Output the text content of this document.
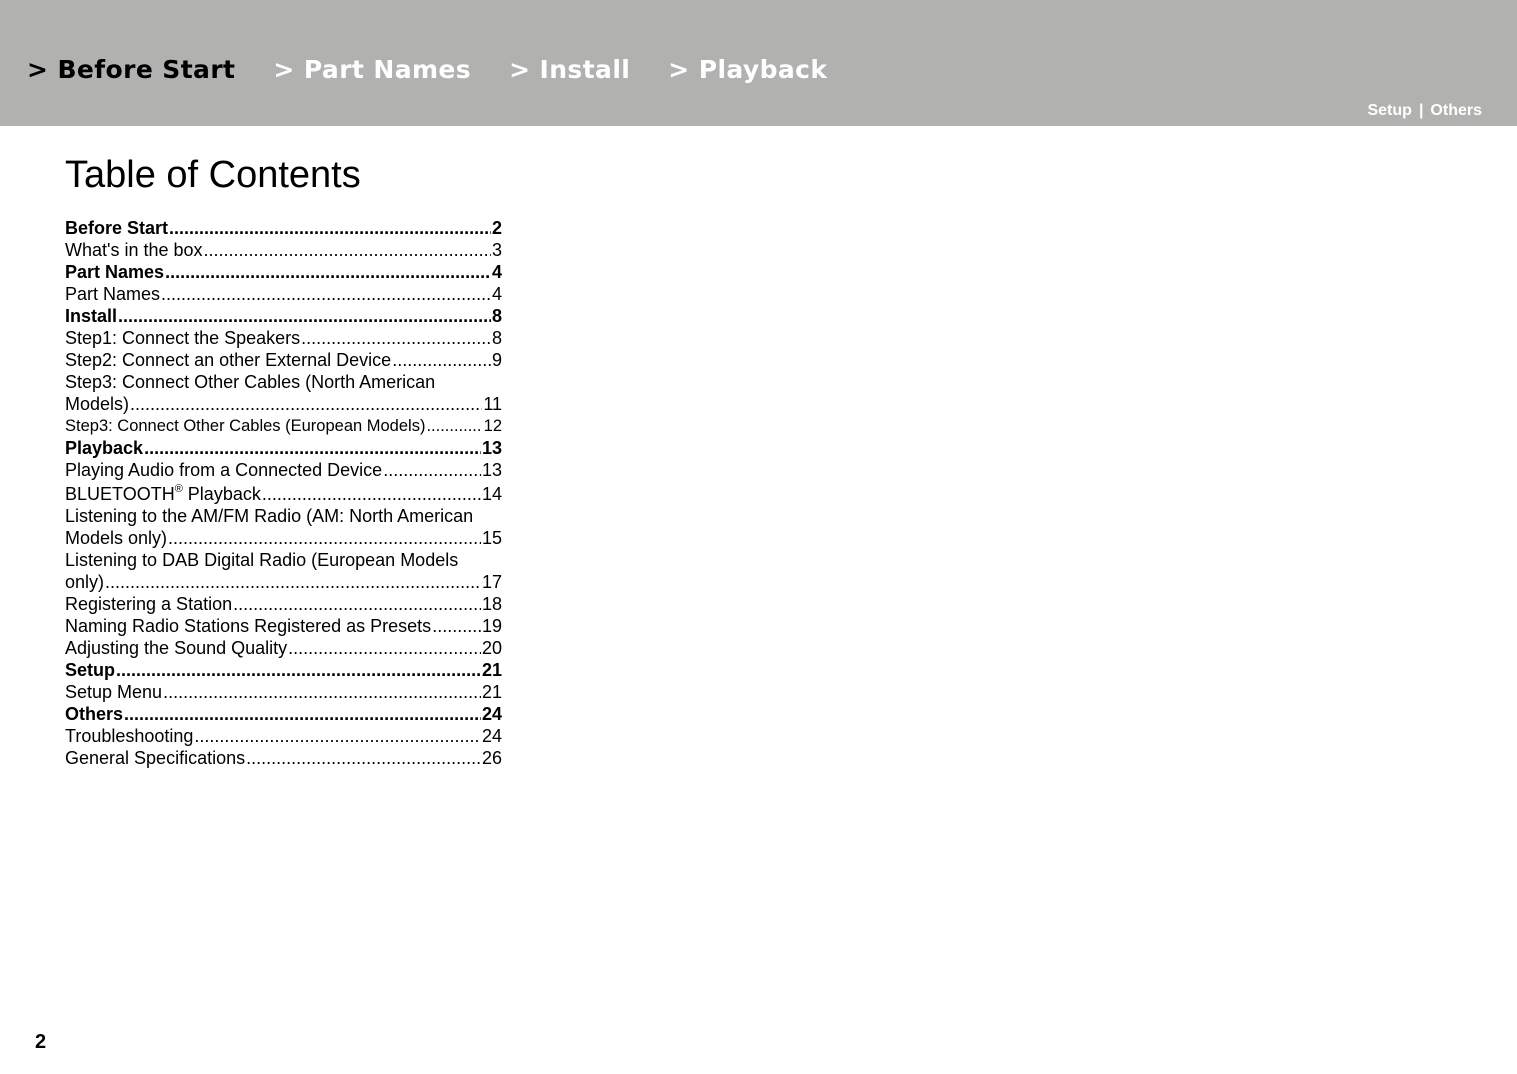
> Before Start > Part Names > Install > Playback
Setup | Others
Table of Contents
Before Start .....	2
What's in the box .....	3
Part Names .....	4
Part Names .....	4
Install .....	8
Step1: Connect the Speakers .....	8
Step2: Connect an other External Device .....	9
Step3: Connect Other Cables (North American
Models) .....	11
Step3: Connect Other Cables (European Models) .....	12
Playback .....	13
Playing Audio from a Connected Device .....	13
BLUETOOTH® Playback .....	14
Listening to the AM/FM Radio (AM: North American
Models only) .....	15
Listening to DAB Digital Radio (European Models
only) .....	17
Registering a Station .....	18
Naming Radio Stations Registered as Presets .....	19
Adjusting the Sound Quality .....	20
Setup .....	21
Setup Menu .....	21
Others .....	24
Troubleshooting .....	24
General Specifications .....	26
2
